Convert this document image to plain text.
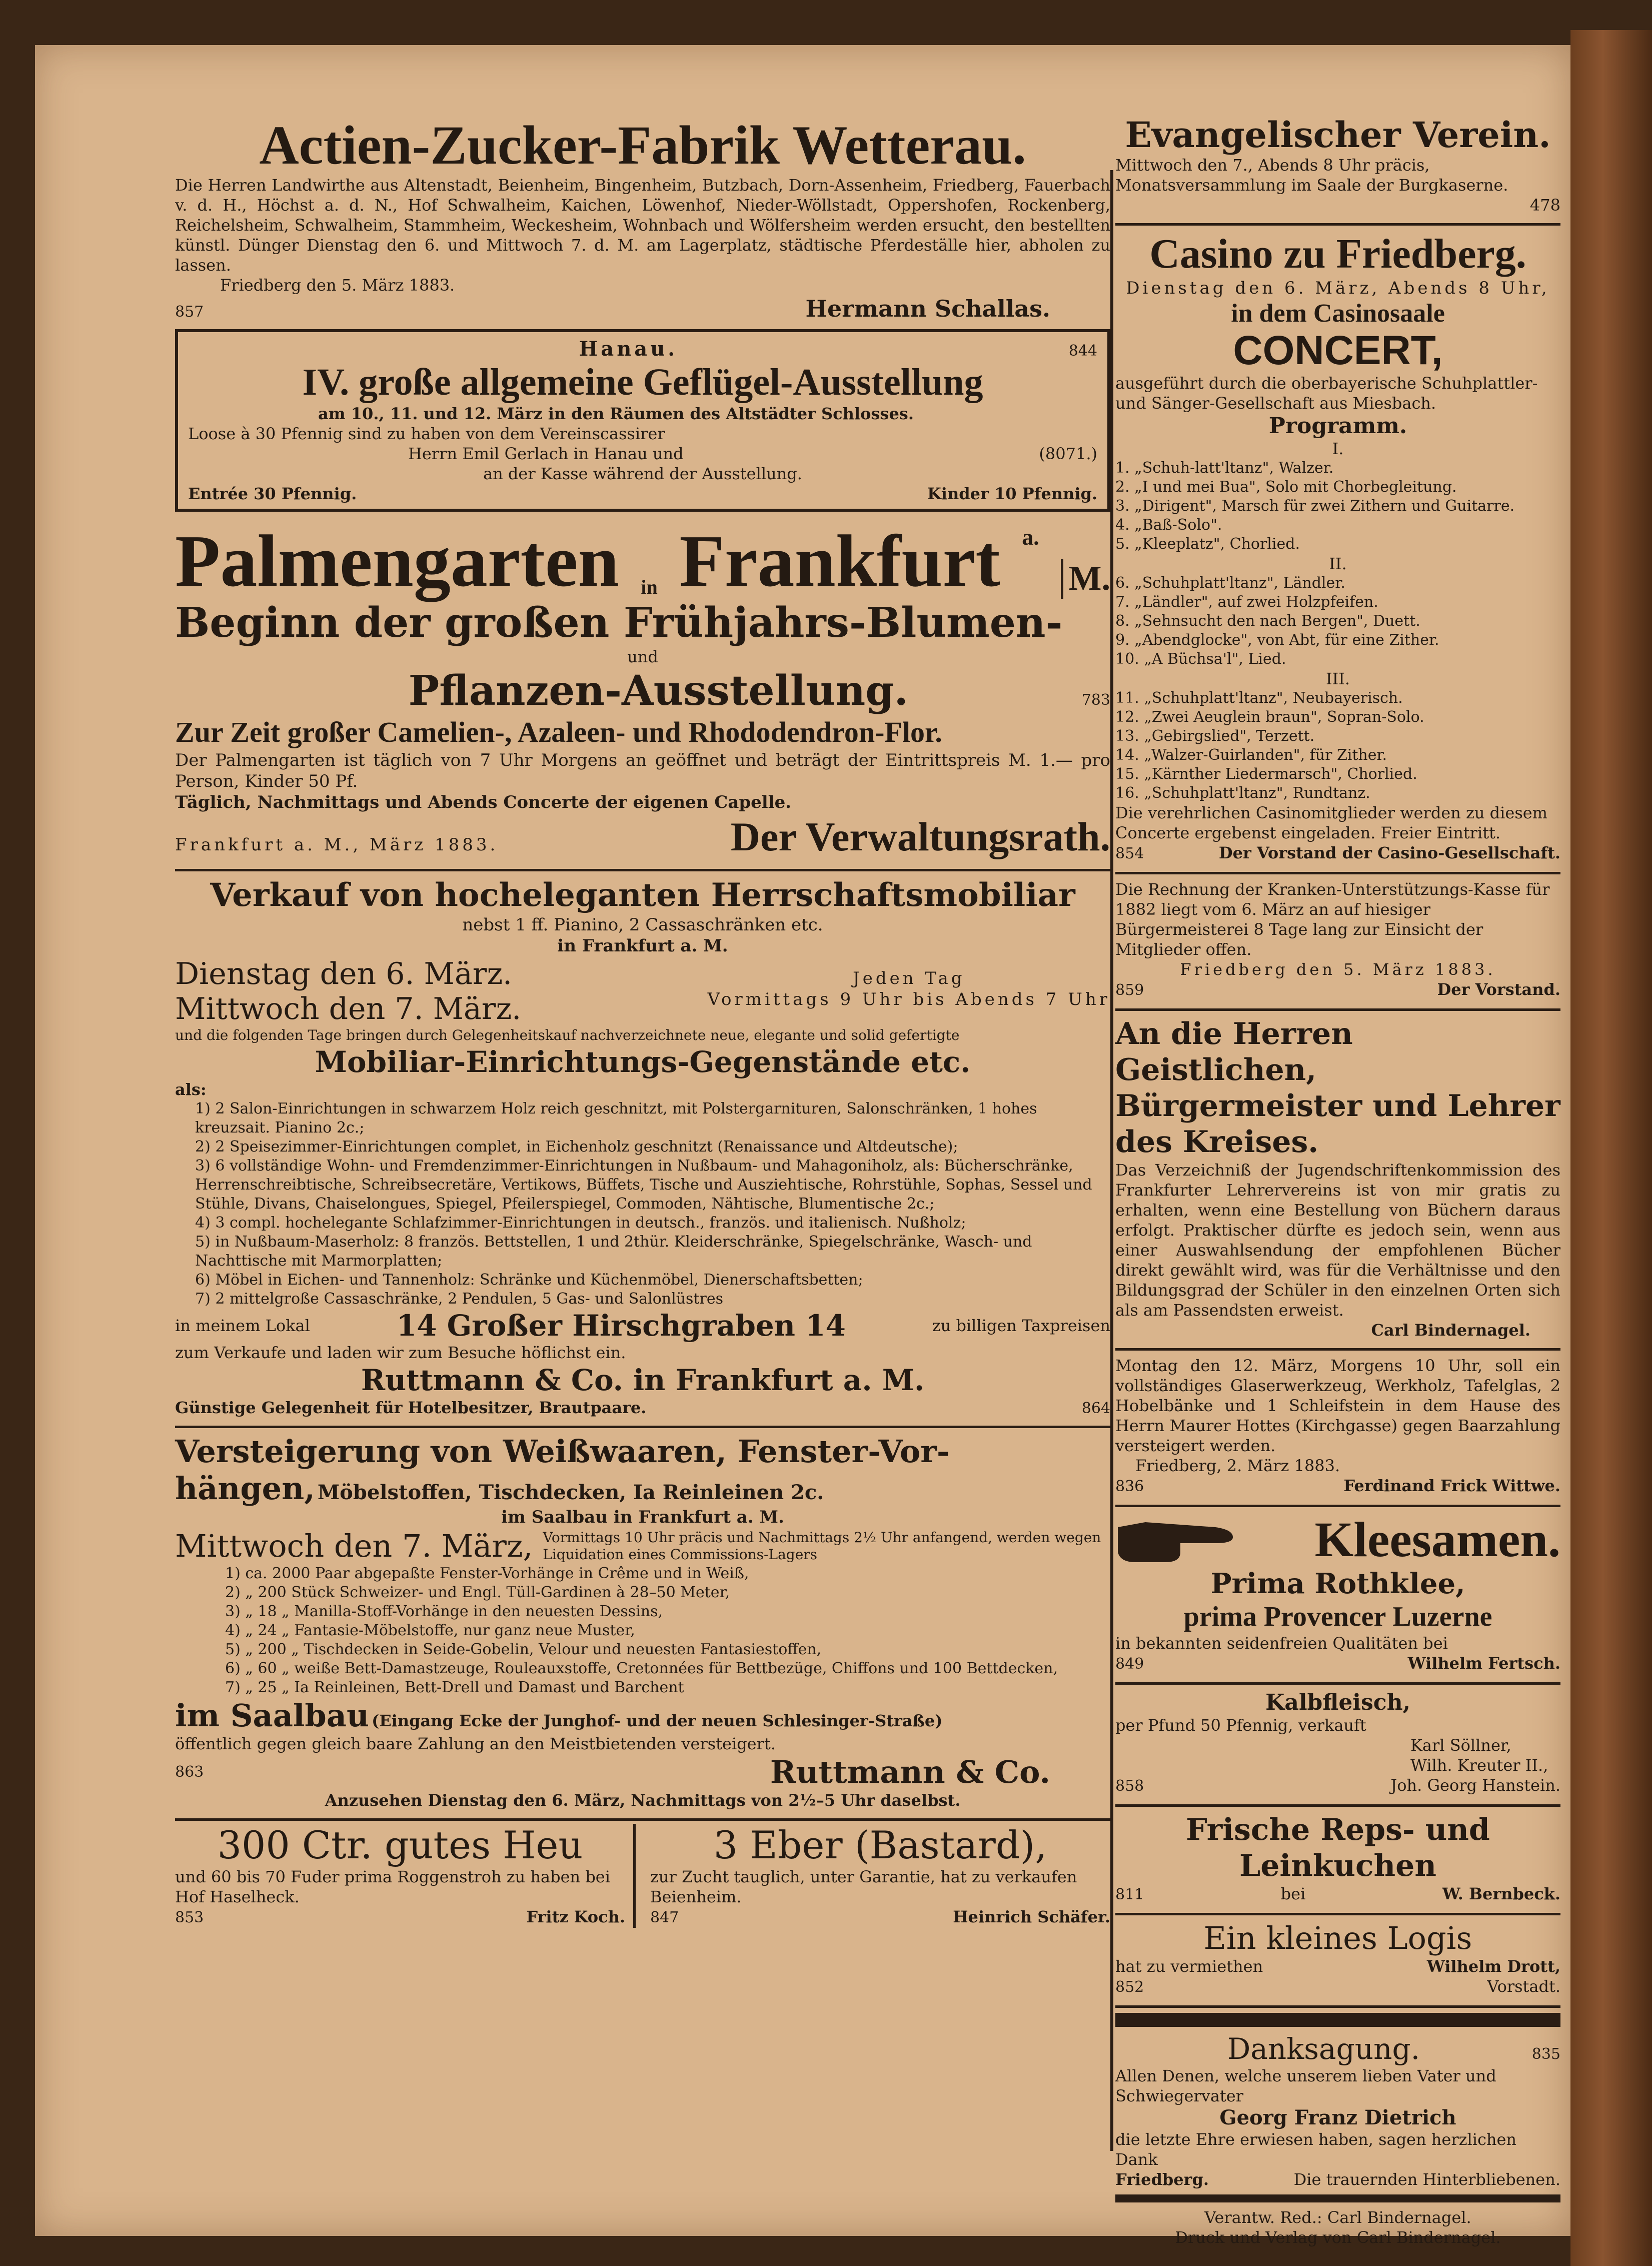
Actien-Zucker-Fabrik Wetterau.
Die Herren Landwirthe aus Altenstadt, Beienheim, Bingenheim, Butzbach, Dorn-Assenheim, Friedberg, Fauerbach v. d. H., Höchst a. d. N., Hof Schwalheim, Kaichen, Löwenhof, Nieder-Wöllstadt, Oppershofen, Rockenberg, Reichelsheim, Schwalheim, Stammheim, Weckesheim, Wohnbach und Wölfersheim werden ersucht, den bestellten künstl. Dünger Dienstag den 6. und Mittwoch 7. d. M. am Lagerplatz, städtische Pferdeställe hier, abholen zu lassen.
Friedberg den 5. März 1883.
857	Hermann Schallas.
Hanau.	844
IV. große allgemeine Geflügel-Ausstellung
am 10., 11. und 12. März in den Räumen des Altstädter Schlosses.
Loose à 30 Pfennig sind zu haben von dem Vereinscassirer
Herrn Emil Gerlach in Hanau und	(8071.)
an der Kasse während der Ausstellung.
Entrée 30 Pfennig.	Kinder 10 Pfennig.
Palmengarten in Frankfurt a.
M.
Beginn der großen Frühjahrs-Blumen-
und
Pflanzen-Ausstellung.	783
Zur Zeit großer Camelien-, Azaleen- und Rhododendron-Flor.
Der Palmengarten ist täglich von 7 Uhr Morgens an geöffnet und beträgt der Eintrittspreis M. 1.— pro Person, Kinder 50 Pf.
Täglich, Nachmittags und Abends Concerte der eigenen Capelle.
Frankfurt a. M., März 1883.	Der Verwaltungsrath.
Verkauf von hocheleganten Herrschaftsmobiliar
nebst 1 ff. Pianino, 2 Cassaschränken etc.
in Frankfurt a. M.
Dienstag den 6. März.
Mittwoch den 7. März.
Jeden Tag
Vormittags 9 Uhr bis Abends 7 Uhr
und die folgenden Tage bringen durch Gelegenheitskauf nachverzeichnete neue, elegante und solid gefertigte
Mobiliar-Einrichtungs-Gegenstände etc.
als:
1) 2 Salon-Einrichtungen in schwarzem Holz reich geschnitzt, mit Polstergarnituren, Salonschränken, 1 hohes kreuzsait. Pianino 2c.;
2) 2 Speisezimmer-Einrichtungen complet, in Eichenholz geschnitzt (Renaissance und Altdeutsche);
3) 6 vollständige Wohn- und Fremdenzimmer-Einrichtungen in Nußbaum- und Mahagoniholz, als: Bücherschränke, Herrenschreibtische, Schreibsecretäre, Vertikows, Büffets, Tische und Ausziehtische, Rohrstühle, Sophas, Sessel und Stühle, Divans, Chaiselongues, Spiegel, Pfeilerspiegel, Commoden, Nähtische, Blumentische 2c.;
4) 3 compl. hochelegante Schlafzimmer-Einrichtungen in deutsch., französ. und italienisch. Nußholz;
5) in Nußbaum-Maserholz: 8 französ. Bettstellen, 1 und 2thür. Kleiderschränke, Spiegelschränke, Wasch- und Nachttische mit Marmorplatten;
6) Möbel in Eichen- und Tannenholz: Schränke und Küchenmöbel, Dienerschaftsbetten;
7) 2 mittelgroße Cassaschränke, 2 Pendulen, 5 Gas- und Salonlüstres
in meinem Lokal	14 Großer Hirschgraben 14	zu billigen Taxpreisen
zum Verkaufe und laden wir zum Besuche höflichst ein.
Ruttmann & Co. in Frankfurt a. M.
Günstige Gelegenheit für Hotelbesitzer, Brautpaare.	864
Versteigerung von Weißwaaren, Fenster-Vor-
hängen, Möbelstoffen, Tischdecken, Ia Reinleinen 2c.
im Saalbau in Frankfurt a. M.
Mittwoch den 7. März, Vormittags 10 Uhr präcis und Nachmittags 2½ Uhr anfangend, werden wegen Liquidation eines Commissions-Lagers
1) ca. 2000 Paar abgepaßte Fenster-Vorhänge in Crême und in Weiß,
2) „ 200 Stück Schweizer- und Engl. Tüll-Gardinen à 28–50 Meter,
3) „ 18 „ Manilla-Stoff-Vorhänge in den neuesten Dessins,
4) „ 24 „ Fantasie-Möbelstoffe, nur ganz neue Muster,
5) „ 200 „ Tischdecken in Seide-Gobelin, Velour und neuesten Fantasiestoffen,
6) „ 60 „ weiße Bett-Damastzeuge, Rouleauxstoffe, Cretonnées für Bettbezüge, Chiffons und 100 Bettdecken,
7) „ 25 „ Ia Reinleinen, Bett-Drell und Damast und Barchent
im Saalbau (Eingang Ecke der Junghof- und der neuen Schlesinger-Straße)
öffentlich gegen gleich baare Zahlung an den Meistbietenden versteigert.
863	Ruttmann & Co.
Anzusehen Dienstag den 6. März, Nachmittags von 2½–5 Uhr daselbst.
300 Ctr. gutes Heu
und 60 bis 70 Fuder prima Roggenstroh zu haben bei Hof Haselheck.
853	Fritz Koch.
3 Eber (Bastard),
zur Zucht tauglich, unter Garantie, hat zu verkaufen Beienheim.
847	Heinrich Schäfer.
Evangelischer Verein.
Mittwoch den 7., Abends 8 Uhr präcis, Monatsversammlung im Saale der Burgkaserne.
478
Casino zu Friedberg.
Dienstag den 6. März, Abends 8 Uhr,
in dem Casinosaale
CONCERT,
ausgeführt durch die oberbayerische Schuhplattler- und Sänger-Gesellschaft aus Miesbach.
Programm.
I.
1. „Schuh-latt'ltanz", Walzer.
2. „I und mei Bua", Solo mit Chorbegleitung.
3. „Dirigent", Marsch für zwei Zithern und Guitarre.
4. „Baß-Solo".
5. „Kleeplatz", Chorlied.
II.
6. „Schuhplatt'ltanz", Ländler.
7. „Ländler", auf zwei Holzpfeifen.
8. „Sehnsucht den nach Bergen", Duett.
9. „Abendglocke", von Abt, für eine Zither.
10. „A Büchsa'l", Lied.
III.
11. „Schuhplatt'ltanz", Neubayerisch.
12. „Zwei Aeuglein braun", Sopran-Solo.
13. „Gebirgslied", Terzett.
14. „Walzer-Guirlanden", für Zither.
15. „Kärnther Liedermarsch", Chorlied.
16. „Schuhplatt'ltanz", Rundtanz.
Die verehrlichen Casinomitglieder werden zu diesem Concerte ergebenst eingeladen. Freier Eintritt.
854	Der Vorstand der Casino-Gesellschaft.
Die Rechnung der Kranken-Unterstützungs-Kasse für 1882 liegt vom 6. März an auf hiesiger Bürgermeisterei 8 Tage lang zur Einsicht der Mitglieder offen.
Friedberg den 5. März 1883.
859	Der Vorstand.
An die Herren Geistlichen, Bürgermeister und Lehrer des Kreises.
Das Verzeichniß der Jugendschriftenkommission des Frankfurter Lehrervereins ist von mir gratis zu erhalten, wenn eine Bestellung von Büchern daraus erfolgt. Praktischer dürfte es jedoch sein, wenn aus einer Auswahlsendung der empfohlenen Bücher direkt gewählt wird, was für die Verhältnisse und den Bildungsgrad der Schüler in den einzelnen Orten sich als am Passendsten erweist.
Carl Bindernagel.
Montag den 12. März, Morgens 10 Uhr, soll ein vollständiges Glaserwerkzeug, Werkholz, Tafelglas, 2 Hobelbänke und 1 Schleifstein in dem Hause des Herrn Maurer Hottes (Kirchgasse) gegen Baarzahlung versteigert werden.
Friedberg, 2. März 1883.
836	Ferdinand Frick Wittwe.
Kleesamen.
Prima Rothklee,
prima Provencer Luzerne
in bekannten seidenfreien Qualitäten bei
849	Wilhelm Fertsch.
Kalbfleisch,
per Pfund 50 Pfennig, verkauft
Karl Söllner,
Wilh. Kreuter II.,
858	Joh. Georg Hanstein.
Frische Reps- und Leinkuchen
811	bei	W. Bernbeck.
Ein kleines Logis
hat zu vermiethen	Wilhelm Drott,
852	Vorstadt.
Danksagung.	835
Allen Denen, welche unserem lieben Vater und Schwiegervater
Georg Franz Dietrich
die letzte Ehre erwiesen haben, sagen herzlichen Dank
Friedberg.	Die trauernden Hinterbliebenen.
Verantw. Red.: Carl Bindernagel.
Druck und Verlag von Carl Bindernagel.
